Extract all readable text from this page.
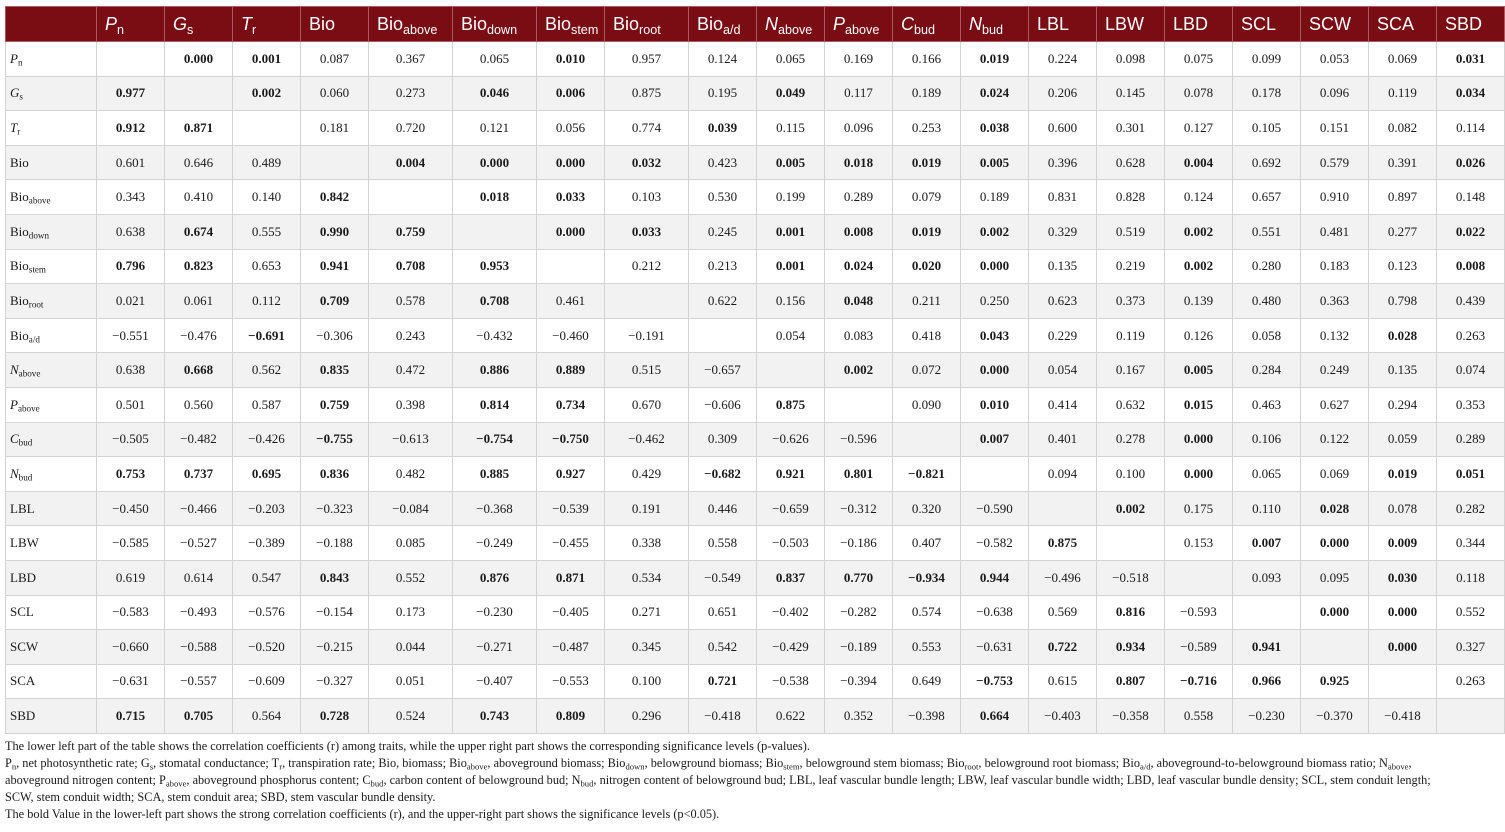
	$P_n$	$G_s$	$T_r$	Bio	Bio$_{above}$	Bio$_{down}$	Bio$_{stem}$	Bio$_{root}$	Bio$_{a/d}$	$N_{above}$	$P_{above}$	$C_{bud}$	$N_{bud}$	LBL	LBW	LBD	SCL	SCW	SCA	SBD
$P_n$		0.000	0.001	0.087	0.367	0.065	0.010	0.957	0.124	0.065	0.169	0.166	0.019	0.224	0.098	0.075	0.099	0.053	0.069	0.031
$G_s$	0.977		0.002	0.060	0.273	0.046	0.006	0.875	0.195	0.049	0.117	0.189	0.024	0.206	0.145	0.078	0.178	0.096	0.119	0.034
$T_r$	0.912	0.871		0.181	0.720	0.121	0.056	0.774	0.039	0.115	0.096	0.253	0.038	0.600	0.301	0.127	0.105	0.151	0.082	0.114
Bio	0.601	0.646	0.489		0.004	0.000	0.000	0.032	0.423	0.005	0.018	0.019	0.005	0.396	0.628	0.004	0.692	0.579	0.391	0.026
Bio$_{above}$	0.343	0.410	0.140	0.842		0.018	0.033	0.103	0.530	0.199	0.289	0.079	0.189	0.831	0.828	0.124	0.657	0.910	0.897	0.148
Bio$_{down}$	0.638	0.674	0.555	0.990	0.759		0.000	0.033	0.245	0.001	0.008	0.019	0.002	0.329	0.519	0.002	0.551	0.481	0.277	0.022
Bio$_{stem}$	0.796	0.823	0.653	0.941	0.708	0.953		0.212	0.213	0.001	0.024	0.020	0.000	0.135	0.219	0.002	0.280	0.183	0.123	0.008
Bio$_{root}$	0.021	0.061	0.112	0.709	0.578	0.708	0.461		0.622	0.156	0.048	0.211	0.250	0.623	0.373	0.139	0.480	0.363	0.798	0.439
Bio$_{a/d}$	−0.551	−0.476	−0.691	−0.306	0.243	−0.432	−0.460	−0.191		0.054	0.083	0.418	0.043	0.229	0.119	0.126	0.058	0.132	0.028	0.263
$N_{above}$	0.638	0.668	0.562	0.835	0.472	0.886	0.889	0.515	−0.657		0.002	0.072	0.000	0.054	0.167	0.005	0.284	0.249	0.135	0.074
$P_{above}$	0.501	0.560	0.587	0.759	0.398	0.814	0.734	0.670	−0.606	0.875		0.090	0.010	0.414	0.632	0.015	0.463	0.627	0.294	0.353
$C_{bud}$	−0.505	−0.482	−0.426	−0.755	−0.613	−0.754	−0.750	−0.462	0.309	−0.626	−0.596		0.007	0.401	0.278	0.000	0.106	0.122	0.059	0.289
$N_{bud}$	0.753	0.737	0.695	0.836	0.482	0.885	0.927	0.429	−0.682	0.921	0.801	−0.821		0.094	0.100	0.000	0.065	0.069	0.019	0.051
LBL	−0.450	−0.466	−0.203	−0.323	−0.084	−0.368	−0.539	0.191	0.446	−0.659	−0.312	0.320	−0.590		0.002	0.175	0.110	0.028	0.078	0.282
LBW	−0.585	−0.527	−0.389	−0.188	0.085	−0.249	−0.455	0.338	0.558	−0.503	−0.186	0.407	−0.582	0.875		0.153	0.007	0.000	0.009	0.344
LBD	0.619	0.614	0.547	0.843	0.552	0.876	0.871	0.534	−0.549	0.837	0.770	−0.934	0.944	−0.496	−0.518		0.093	0.095	0.030	0.118
SCL	−0.583	−0.493	−0.576	−0.154	0.173	−0.230	−0.405	0.271	0.651	−0.402	−0.282	0.574	−0.638	0.569	0.816	−0.593		0.000	0.000	0.552
SCW	−0.660	−0.588	−0.520	−0.215	0.044	−0.271	−0.487	0.345	0.542	−0.429	−0.189	0.553	−0.631	0.722	0.934	−0.589	0.941		0.000	0.327
SCA	−0.631	−0.557	−0.609	−0.327	0.051	−0.407	−0.553	0.100	0.721	−0.538	−0.394	0.649	−0.753	0.615	0.807	−0.716	0.966	0.925		0.263
SBD	0.715	0.705	0.564	0.728	0.524	0.743	0.809	0.296	−0.418	0.622	0.352	−0.398	0.664	−0.403	−0.358	0.558	−0.230	−0.370	−0.418	

The lower left part of the table shows the correlation coefficients (r) among traits, while the upper right part shows the corresponding significance levels (p-values).

$P_n$, net photosynthetic rate; $G_s$, stomatal conductance; $T_r$, transpiration rate; Bio, biomass; Bio$_{above}$, aboveground biomass; Bio$_{down}$, belowground biomass; Bio$_{stem}$, belowground stem biomass; Bio$_{root}$, belowground root biomass; Bio$_{a/d}$, aboveground-to-belowground biomass ratio; $N_{above}$, aboveground nitrogen content; $P_{above}$, aboveground phosphorus content; $C_{bud}$, carbon content of belowground bud; $N_{bud}$, nitrogen content of belowground bud; LBL, leaf vascular bundle length; LBW, leaf vascular bundle width; LBD, leaf vascular bundle density; SCL, stem conduit length; SCW, stem conduit width; SCA, stem conduit area; SBD, stem vascular bundle density.

The bold Value in the lower-left part shows the strong correlation coefficients (r), and the upper-right part shows the significance levels (p<0.05).
